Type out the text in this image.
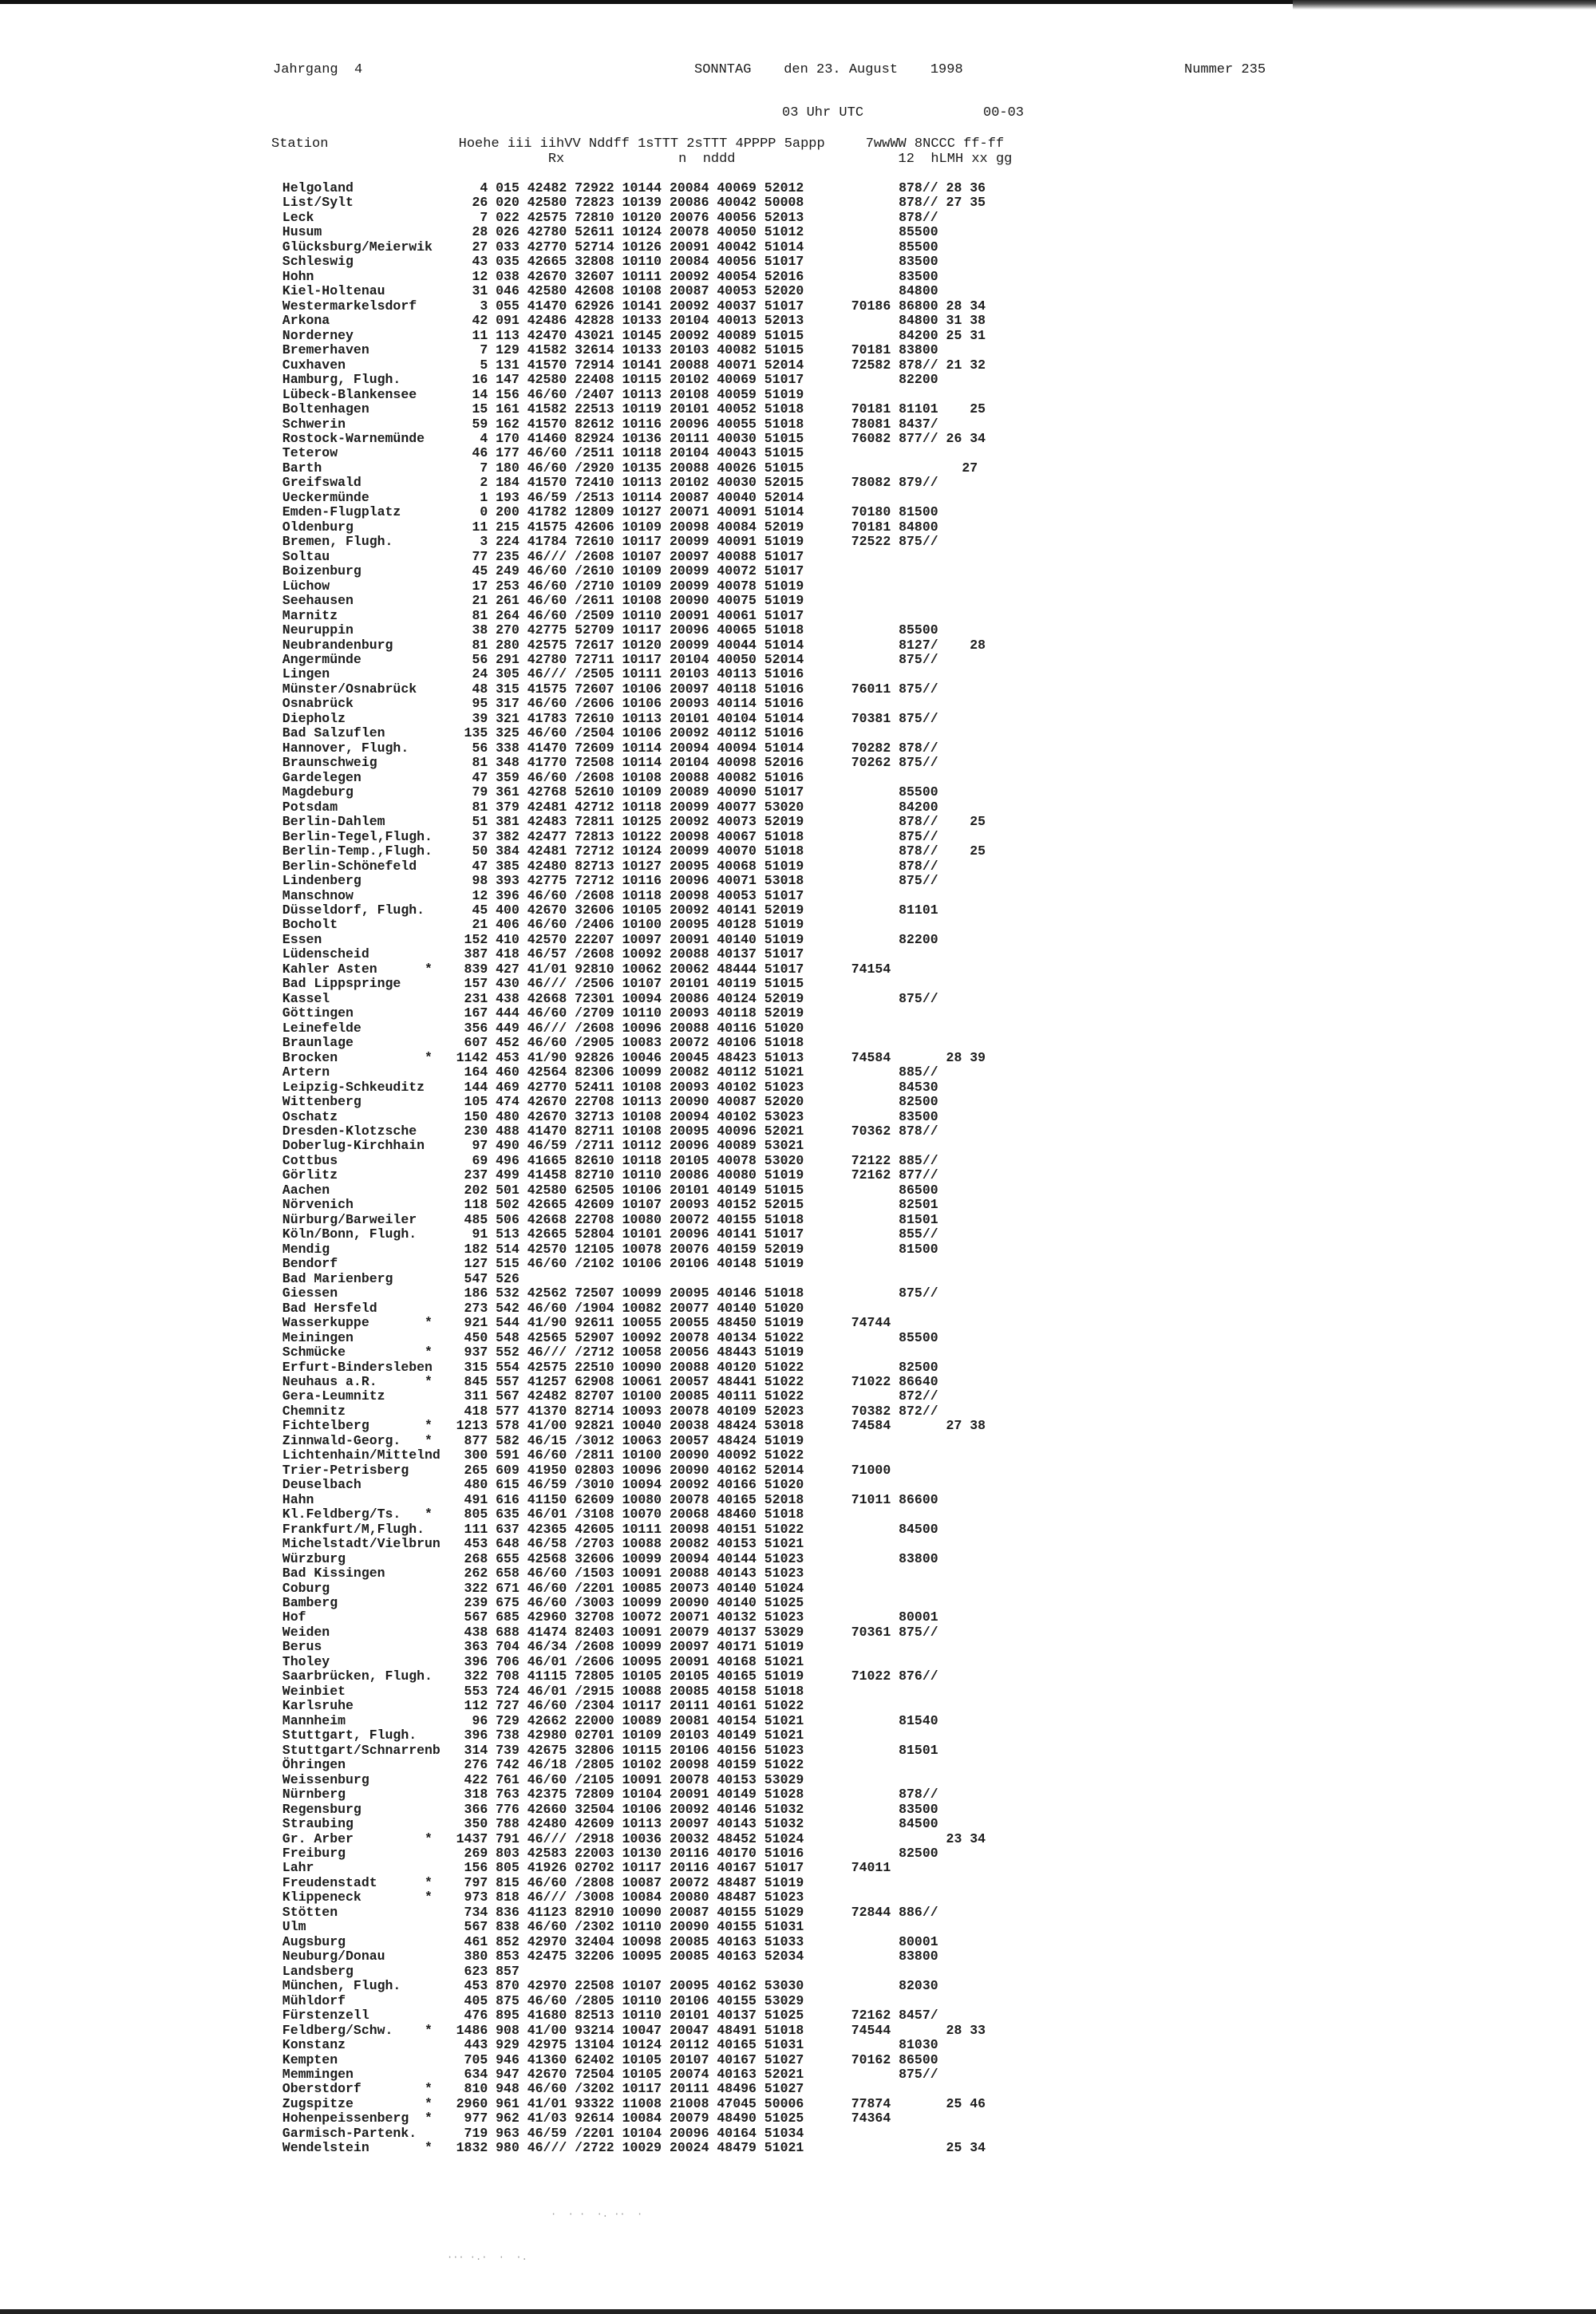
Jahrgang  4	SONNTAG    den 23. August    1998	Nummer 235
03 Uhr UTC	00-03
Station                Hoehe iii iihVV Nddff 1sTTT 2sTTT 4PPPP 5appp     7wwWW 8NCCC ff-ff
Rx              n  nddd                    12  hLMH xx gg
Helgoland                4 015 42482 72922 10144 20084 40069 52012            878// 28 36
List/Sylt               26 020 42580 72823 10139 20086 40042 50008            878// 27 35
Leck                     7 022 42575 72810 10120 20076 40056 52013            878//
Husum                   28 026 42780 52611 10124 20078 40050 51012            85500
Glücksburg/Meierwik     27 033 42770 52714 10126 20091 40042 51014            85500
Schleswig               43 035 42665 32808 10110 20084 40056 51017            83500
Hohn                    12 038 42670 32607 10111 20092 40054 52016            83500
Kiel-Holtenau           31 046 42580 42608 10108 20087 40053 52020            84800
Westermarkelsdorf        3 055 41470 62926 10141 20092 40037 51017      70186 86800 28 34
Arkona                  42 091 42486 42828 10133 20104 40013 52013            84800 31 38
Norderney               11 113 42470 43021 10145 20092 40089 51015            84200 25 31
Bremerhaven              7 129 41582 32614 10133 20103 40082 51015      70181 83800
Cuxhaven                 5 131 41570 72914 10141 20088 40071 52014      72582 878// 21 32
Hamburg, Flugh.         16 147 42580 22408 10115 20102 40069 51017            82200
Lübeck-Blankensee       14 156 46/60 /2407 10113 20108 40059 51019
Boltenhagen             15 161 41582 22513 10119 20101 40052 51018      70181 81101    25
Schwerin                59 162 41570 82612 10116 20096 40055 51018      78081 8437/
Rostock-Warnemünde       4 170 41460 82924 10136 20111 40030 51015      76082 877// 26 34
Teterow                 46 177 46/60 /2511 10118 20104 40043 51015
Barth                    7 180 46/60 /2920 10135 20088 40026 51015                    27
Greifswald               2 184 41570 72410 10113 20102 40030 52015      78082 879//
Ueckermünde              1 193 46/59 /2513 10114 20087 40040 52014
Emden-Flugplatz          0 200 41782 12809 10127 20071 40091 51014      70180 81500
Oldenburg               11 215 41575 42606 10109 20098 40084 52019      70181 84800
Bremen, Flugh.           3 224 41784 72610 10117 20099 40091 51019      72522 875//
Soltau                  77 235 46/// /2608 10107 20097 40088 51017
Boizenburg              45 249 46/60 /2610 10109 20099 40072 51017
Lüchow                  17 253 46/60 /2710 10109 20099 40078 51019
Seehausen               21 261 46/60 /2611 10108 20090 40075 51019
Marnitz                 81 264 46/60 /2509 10110 20091 40061 51017
Neuruppin               38 270 42775 52709 10117 20096 40065 51018            85500
Neubrandenburg          81 280 42575 72617 10120 20099 40044 51014            8127/    28
Angermünde              56 291 42780 72711 10117 20104 40050 52014            875//
Lingen                  24 305 46/// /2505 10111 20103 40113 51016
Münster/Osnabrück       48 315 41575 72607 10106 20097 40118 51016      76011 875//
Osnabrück               95 317 46/60 /2606 10106 20093 40114 51016
Diepholz                39 321 41783 72610 10113 20101 40104 51014      70381 875//
Bad Salzuflen          135 325 46/60 /2504 10106 20092 40112 51016
Hannover, Flugh.        56 338 41470 72609 10114 20094 40094 51014      70282 878//
Braunschweig            81 348 41770 72508 10114 20104 40098 52016      70262 875//
Gardelegen              47 359 46/60 /2608 10108 20088 40082 51016
Magdeburg               79 361 42768 52610 10109 20089 40090 51017            85500
Potsdam                 81 379 42481 42712 10118 20099 40077 53020            84200
Berlin-Dahlem           51 381 42483 72811 10125 20092 40073 52019            878//    25
Berlin-Tegel,Flugh.     37 382 42477 72813 10122 20098 40067 51018            875//
Berlin-Temp.,Flugh.     50 384 42481 72712 10124 20099 40070 51018            878//    25
Berlin-Schönefeld       47 385 42480 82713 10127 20095 40068 51019            878//
Lindenberg              98 393 42775 72712 10116 20096 40071 53018            875//
Manschnow               12 396 46/60 /2608 10118 20098 40053 51017
Düsseldorf, Flugh.      45 400 42670 32606 10105 20092 40141 52019            81101
Bocholt                 21 406 46/60 /2406 10100 20095 40128 51019
Essen                  152 410 42570 22207 10097 20091 40140 51019            82200
Lüdenscheid            387 418 46/57 /2608 10092 20088 40137 51017
Kahler Asten      *    839 427 41/01 92810 10062 20062 48444 51017      74154
Bad Lippspringe        157 430 46/// /2506 10107 20101 40119 51015
Kassel                 231 438 42668 72301 10094 20086 40124 52019            875//
Göttingen              167 444 46/60 /2709 10110 20093 40118 52019
Leinefelde             356 449 46/// /2608 10096 20088 40116 51020
Braunlage              607 452 46/60 /2905 10083 20072 40106 51018
Brocken           *   1142 453 41/90 92826 10046 20045 48423 51013      74584       28 39
Artern                 164 460 42564 82306 10099 20082 40112 51021            885//
Leipzig-Schkeuditz     144 469 42770 52411 10108 20093 40102 51023            84530
Wittenberg             105 474 42670 22708 10113 20090 40087 52020            82500
Oschatz                150 480 42670 32713 10108 20094 40102 53023            83500
Dresden-Klotzsche      230 488 41470 82711 10108 20095 40096 52021      70362 878//
Doberlug-Kirchhain      97 490 46/59 /2711 10112 20096 40089 53021
Cottbus                 69 496 41665 82610 10118 20105 40078 53020      72122 885//
Görlitz                237 499 41458 82710 10110 20086 40080 51019      72162 877//
Aachen                 202 501 42580 62505 10106 20101 40149 51015            86500
Nörvenich              118 502 42665 42609 10107 20093 40152 52015            82501
Nürburg/Barweiler      485 506 42668 22708 10080 20072 40155 51018            81501
Köln/Bonn, Flugh.       91 513 42665 52804 10101 20096 40141 51017            855//
Mendig                 182 514 42570 12105 10078 20076 40159 52019            81500
Bendorf                127 515 46/60 /2102 10106 20106 40148 51019
Bad Marienberg         547 526
Giessen                186 532 42562 72507 10099 20095 40146 51018            875//
Bad Hersfeld           273 542 46/60 /1904 10082 20077 40140 51020
Wasserkuppe       *    921 544 41/90 92611 10055 20055 48450 51019      74744
Meiningen              450 548 42565 52907 10092 20078 40134 51022            85500
Schmücke          *    937 552 46/// /2712 10058 20056 48443 51019
Erfurt-Bindersleben    315 554 42575 22510 10090 20088 40120 51022            82500
Neuhaus a.R.      *    845 557 41257 62908 10061 20057 48441 51022      71022 86640
Gera-Leumnitz          311 567 42482 82707 10100 20085 40111 51022            872//
Chemnitz               418 577 41370 82714 10093 20078 40109 52023      70382 872//
Fichtelberg       *   1213 578 41/00 92821 10040 20038 48424 53018      74584       27 38
Zinnwald-Georg.   *    877 582 46/15 /3012 10063 20057 48424 51019
Lichtenhain/Mittelnd   300 591 46/60 /2811 10100 20090 40092 51022
Trier-Petrisberg       265 609 41950 02803 10096 20090 40162 52014      71000
Deuselbach             480 615 46/59 /3010 10094 20092 40166 51020
Hahn                   491 616 41150 62609 10080 20078 40165 52018      71011 86600
Kl.Feldberg/Ts.   *    805 635 46/01 /3108 10070 20068 48460 51018
Frankfurt/M,Flugh.     111 637 42365 42605 10111 20098 40151 51022            84500
Michelstadt/Vielbrun   453 648 46/58 /2703 10088 20082 40153 51021
Würzburg               268 655 42568 32606 10099 20094 40144 51023            83800
Bad Kissingen          262 658 46/60 /1503 10091 20088 40143 51023
Coburg                 322 671 46/60 /2201 10085 20073 40140 51024
Bamberg                239 675 46/60 /3003 10099 20090 40140 51025
Hof                    567 685 42960 32708 10072 20071 40132 51023            80001
Weiden                 438 688 41474 82403 10091 20079 40137 53029      70361 875//
Berus                  363 704 46/34 /2608 10099 20097 40171 51019
Tholey                 396 706 46/01 /2606 10095 20091 40168 51021
Saarbrücken, Flugh.    322 708 41115 72805 10105 20105 40165 51019      71022 876//
Weinbiet               553 724 46/01 /2915 10088 20085 40158 51018
Karlsruhe              112 727 46/60 /2304 10117 20111 40161 51022
Mannheim                96 729 42662 22000 10089 20081 40154 51021            81540
Stuttgart, Flugh.      396 738 42980 02701 10109 20103 40149 51021
Stuttgart/Schnarrenb   314 739 42675 32806 10115 20106 40156 51023            81501
Öhringen               276 742 46/18 /2805 10102 20098 40159 51022
Weissenburg            422 761 46/60 /2105 10091 20078 40153 53029
Nürnberg               318 763 42375 72809 10104 20091 40149 51028            878//
Regensburg             366 776 42660 32504 10106 20092 40146 51032            83500
Straubing              350 788 42480 42609 10113 20097 40143 51032            84500
Gr. Arber         *   1437 791 46/// /2918 10036 20032 48452 51024                  23 34
Freiburg               269 803 42583 22003 10130 20116 40170 51016            82500
Lahr                   156 805 41926 02702 10117 20116 40167 51017      74011
Freudenstadt      *    797 815 46/60 /2808 10087 20072 48487 51019
Klippeneck        *    973 818 46/// /3008 10084 20080 48487 51023
Stötten                734 836 41123 82910 10090 20087 40155 51029      72844 886//
Ulm                    567 838 46/60 /2302 10110 20090 40155 51031
Augsburg               461 852 42970 32404 10098 20085 40163 51033            80001
Neuburg/Donau          380 853 42475 32206 10095 20085 40163 52034            83800
Landsberg              623 857
München, Flugh.        453 870 42970 22508 10107 20095 40162 53030            82030
Mühldorf               405 875 46/60 /2805 10110 20106 40155 53029
Fürstenzell            476 895 41680 82513 10110 20101 40137 51025      72162 8457/
Feldberg/Schw.    *   1486 908 41/00 93214 10047 20047 48491 51018      74544       28 33
Konstanz               443 929 42975 13104 10124 20112 40165 51031            81030
Kempten                705 946 41360 62402 10105 20107 40167 51027      70162 86500
Memmingen              634 947 42670 72504 10105 20074 40163 52021            875//
Oberstdorf        *    810 948 46/60 /3202 10117 20111 48496 51027
Zugspitze         *   2960 961 41/01 93322 11008 21008 47045 50006      77874       25 46
Hohenpeissenberg  *    977 962 41/03 92614 10084 20079 48490 51025      74364
Garmisch-Partenk.      719 963 46/59 /2201 10104 20096 40164 51034
Wendelstein       *   1832 980 46/// /2722 10029 20024 48479 51021                  25 34
·  · ·  ·. ··  ·
··· ·.·  ·  ·.
